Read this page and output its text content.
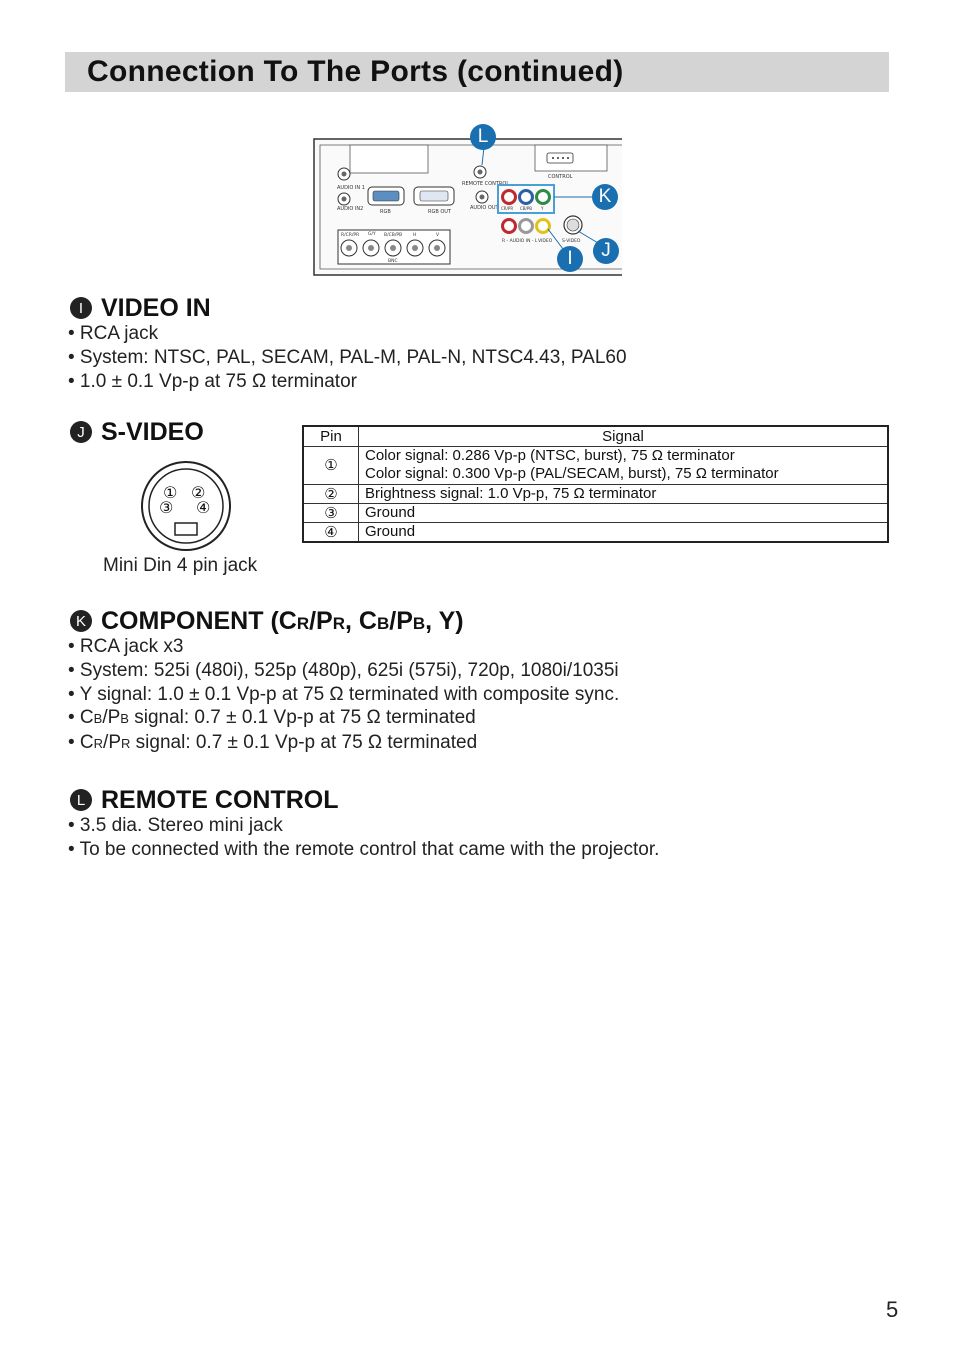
Connection To The Ports (continued)
AUDIO IN 1
AUDIO IN2	RGB	RGB OUT
REMOTE CONTROL
AUDIO OUT
CONTROL
CR/PR CB/PB Y
R - AUDIO IN - L VIDEO S-VIDEO
R/CR/PR G/Y B/CB/PB H	V
BNC
L
K
J
I
I VIDEO IN
• RCA jack
• System: NTSC, PAL, SECAM, PAL-M, PAL-N, NTSC4.43, PAL60
• 1.0 ± 0.1 Vp-p at 75 Ω terminator
J S-VIDEO
① ②
③ ④
Mini Din 4 pin jack
Pin	Signal
①	Color signal: 0.286 Vp-p (NTSC, burst), 75 Ω terminator
Color signal: 0.300 Vp-p (PAL/SECAM, burst), 75 Ω terminator

②	Brightness signal: 1.0 Vp-p, 75 Ω terminator
③	Ground
④	Ground
K COMPONENT (CR/PR, CB/PB, Y)
• RCA jack x3
• System: 525i (480i), 525p (480p), 625i (575i), 720p, 1080i/1035i
• Y signal: 1.0 ± 0.1 Vp-p at 75 Ω terminated with composite sync.
• CB/PB signal: 0.7 ± 0.1 Vp-p at 75 Ω terminated
• CR/PR signal: 0.7 ± 0.1 Vp-p at 75 Ω terminated
L REMOTE CONTROL
• 3.5 dia. Stereo mini jack
• To be connected with the remote control that came with the projector.
5
